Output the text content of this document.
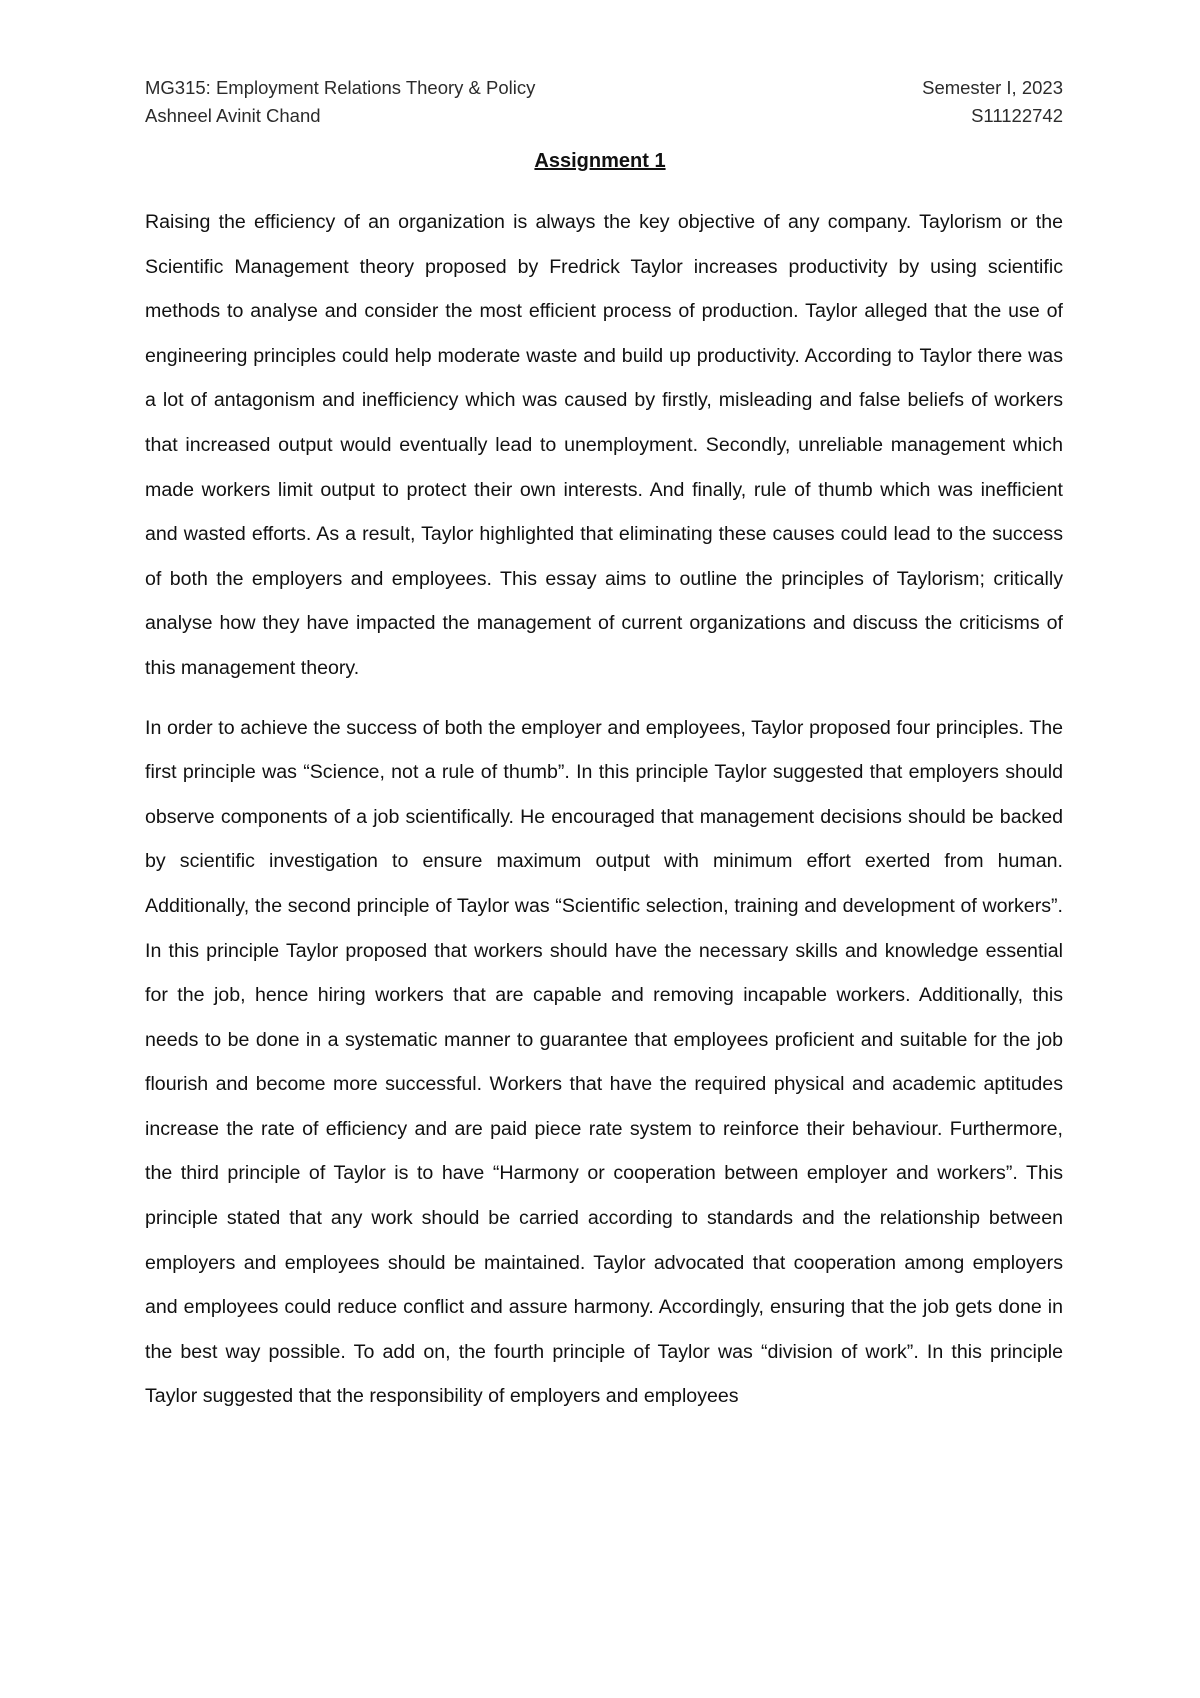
MG315: Employment Relations Theory & Policy	Semester I, 2023
Ashneel Avinit Chand	S11122742
Assignment 1

Raising the efficiency of an organization is always the key objective of any company. Taylorism or the Scientific Management theory proposed by Fredrick Taylor increases productivity by using scientific methods to analyse and consider the most efficient process of production. Taylor alleged that the use of engineering principles could help moderate waste and build up productivity. According to Taylor there was a lot of antagonism and inefficiency which was caused by firstly, misleading and false beliefs of workers that increased output would eventually lead to unemployment. Secondly, unreliable management which made workers limit output to protect their own interests. And finally, rule of thumb which was inefficient and wasted efforts. As a result, Taylor highlighted that eliminating these causes could lead to the success of both the employers and employees. This essay aims to outline the principles of Taylorism; critically analyse how they have impacted the management of current organizations and discuss the criticisms of this management theory.

In order to achieve the success of both the employer and employees, Taylor proposed four principles. The first principle was “Science, not a rule of thumb”. In this principle Taylor suggested that employers should observe components of a job scientifically. He encouraged that management decisions should be backed by scientific investigation to ensure maximum output with minimum effort exerted from human. Additionally, the second principle of Taylor was “Scientific selection, training and development of workers”. In this principle Taylor proposed that workers should have the necessary skills and knowledge essential for the job, hence hiring workers that are capable and removing incapable workers. Additionally, this needs to be done in a systematic manner to guarantee that employees proficient and suitable for the job flourish and become more successful. Workers that have the required physical and academic aptitudes increase the rate of efficiency and are paid piece rate system to reinforce their behaviour. Furthermore, the third principle of Taylor is to have “Harmony or cooperation between employer and workers”. This principle stated that any work should be carried according to standards and the relationship between employers and employees should be maintained. Taylor advocated that cooperation among employers and employees could reduce conflict and assure harmony. Accordingly, ensuring that the job gets done in the best way possible. To add on, the fourth principle of Taylor was “division of work”. In this principle Taylor suggested that the responsibility of employers and employees
